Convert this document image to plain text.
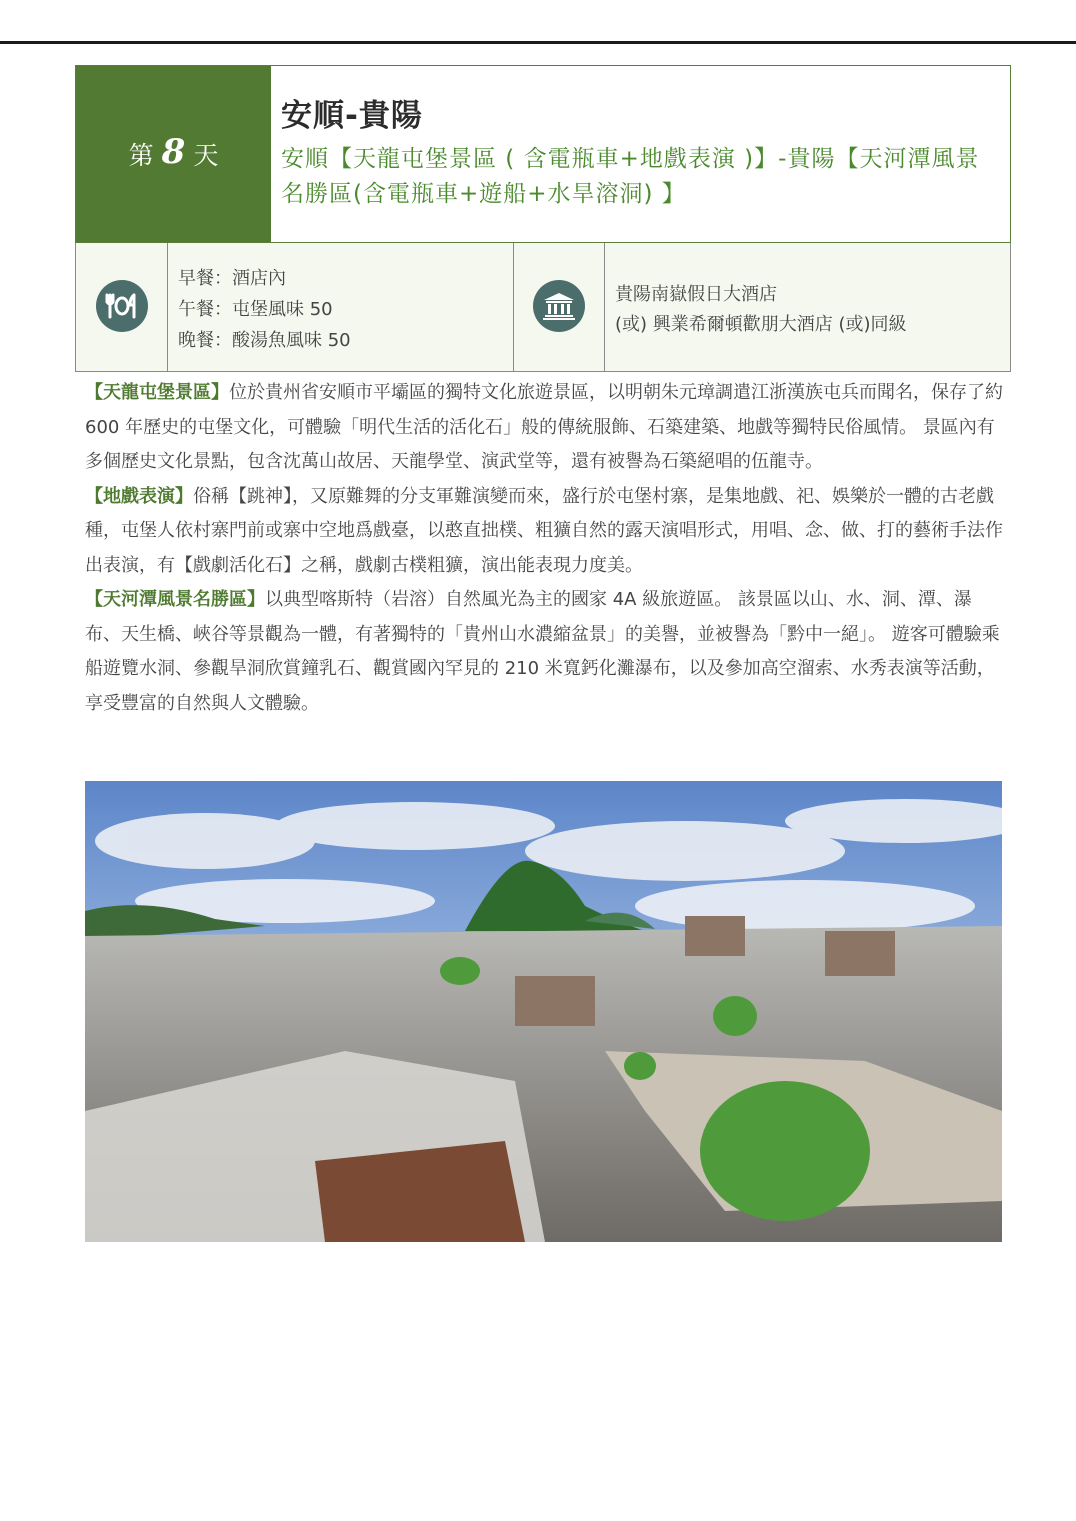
第 8 天
安順-貴陽
安順【天龍屯堡景區 ( 含電瓶車+地戲表演 )】-貴陽【天河潭風景名勝區(含電瓶車+遊船+水旱溶洞) 】
早餐：酒店內
午餐：屯堡風味 50
晚餐：酸湯魚風味 50
貴陽南嶽假日大酒店
(或) 興業希爾頓歡朋大酒店 (或)同級

【天龍屯堡景區】位於貴州省安順市平壩區的獨特文化旅遊景區，以明朝朱元璋調遣江浙漢族屯兵而聞名，保存了約 600 年歷史的屯堡文化，可體驗「明代生活的活化石」般的傳統服飾、石築建築、地戲等獨特民俗風情。 景區內有多個歷史文化景點，包含沈萬山故居、天龍學堂、演武堂等，還有被譽為石築絕唱的伍龍寺。

【地戲表演】俗稱【跳神】，又原難舞的分支軍難演變而來，盛行於屯堡村寨，是集地戲、祀、娛樂於一體的古老戲種，屯堡人依村寨門前或寨中空地爲戲臺，以憨直拙樸、粗獷自然的露天演唱形式，用唱、念、做、打的藝術手法作出表演，有【戲劇活化石】之稱，戲劇古樸粗獷，演出能表現力度美。

【天河潭風景名勝區】以典型喀斯特（岩溶）自然風光為主的國家 4A 級旅遊區。 該景區以山、水、洞、潭、瀑布、天生橋、峽谷等景觀為一體，有著獨特的「貴州山水濃縮盆景」的美譽，並被譽為「黔中一絕」。 遊客可體驗乘船遊覽水洞、參觀旱洞欣賞鐘乳石、觀賞國內罕見的 210 米寬鈣化灘瀑布，以及參加高空溜索、水秀表演等活動，享受豐富的自然與人文體驗。
